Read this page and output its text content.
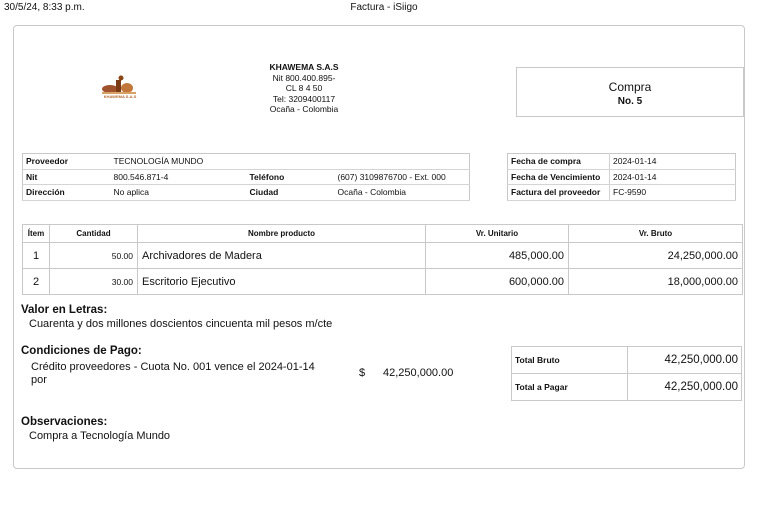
30/5/24, 8:33 p.m.	Factura - iSiigo
KHAWEMA S.A.S
KHAWEMA S.A.S
Nit 800.400.895-
CL 8 4 50
Tel: 3209400117
Ocaña - Colombia
Compra
No. 5
Proveedor	TECNOLOGÍA MUNDO		
Nit	800.546.871-4	Teléfono	(607) 3109876700 - Ext. 000
Dirección	No aplica	Ciudad	Ocaña - Colombia
Fecha de compra	2024-01-14
Fecha de Vencimiento	2024-01-14
Factura del proveedor	FC-9590
Ítem	Cantidad	Nombre producto	Vr. Unitario	Vr. Bruto
1	50.00	Archivadores de Madera	485,000.00	24,250,000.00
2	30.00	Escritorio Ejecutivo	600,000.00	18,000,000.00
Valor en Letras:
Cuarenta y dos millones doscientos cincuenta mil pesos m/cte
Condiciones de Pago:
Crédito proveedores - Cuota No. 001 vence el 2024-01-14
por
$ 42,250,000.00
Total Bruto	42,250,000.00
Total a Pagar	42,250,000.00
Observaciones:
Compra a Tecnología Mundo
